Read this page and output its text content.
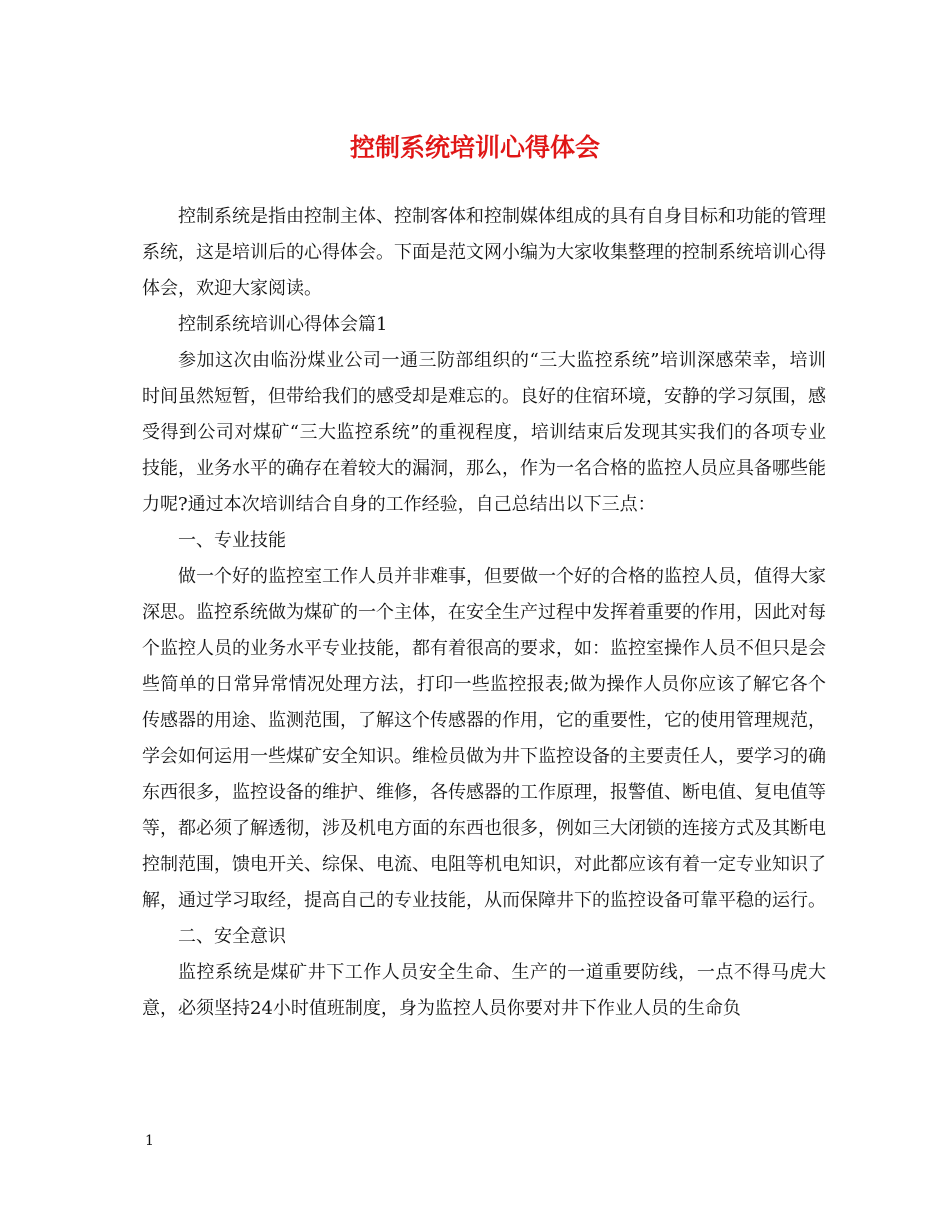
控制系统培训心得体会

控制系统是指由控制主体、控制客体和控制媒体组成的具有自身目标和功能的管理系统，这是培训后的心得体会。下面是范文网小编为大家收集整理的控制系统培训心得体会，欢迎大家阅读。

控制系统培训心得体会篇1

参加这次由临汾煤业公司一通三防部组织的“三大监控系统”培训深感荣幸，培训时间虽然短暂，但带给我们的感受却是难忘的。良好的住宿环境，安静的学习氛围，感受得到公司对煤矿“三大监控系统”的重视程度，培训结束后发现其实我们的各项专业技能，业务水平的确存在着较大的漏洞，那么，作为一名合格的监控人员应具备哪些能力呢?通过本次培训结合自身的工作经验，自己总结出以下三点：

一、专业技能

做一个好的监控室工作人员并非难事，但要做一个好的合格的监控人员，值得大家深思。监控系统做为煤矿的一个主体，在安全生产过程中发挥着重要的作用，因此对每个监控人员的业务水平专业技能，都有着很高的要求，如：监控室操作人员不但只是会些简单的日常异常情况处理方法，打印一些监控报表;做为操作人员你应该了解它各个传感器的用途、监测范围，了解这个传感器的作用，它的重要性，它的使用管理规范，学会如何运用一些煤矿安全知识。维检员做为井下监控设备的主要责任人，要学习的确东西很多，监控设备的维护、维修，各传感器的工作原理，报警值、断电值、复电值等等，都必须了解透彻，涉及机电方面的东西也很多，例如三大闭锁的连接方式及其断电控制范围，馈电开关、综保、电流、电阻等机电知识，对此都应该有着一定专业知识了解，通过学习取经，提高自己的专业技能，从而保障井下的监控设备可靠平稳的运行。

二、安全意识

监控系统是煤矿井下工作人员安全生命、生产的一道重要防线，一点不得马虎大意，必须坚持24小时值班制度，身为监控人员你要对井下作业人员的生命负

1
